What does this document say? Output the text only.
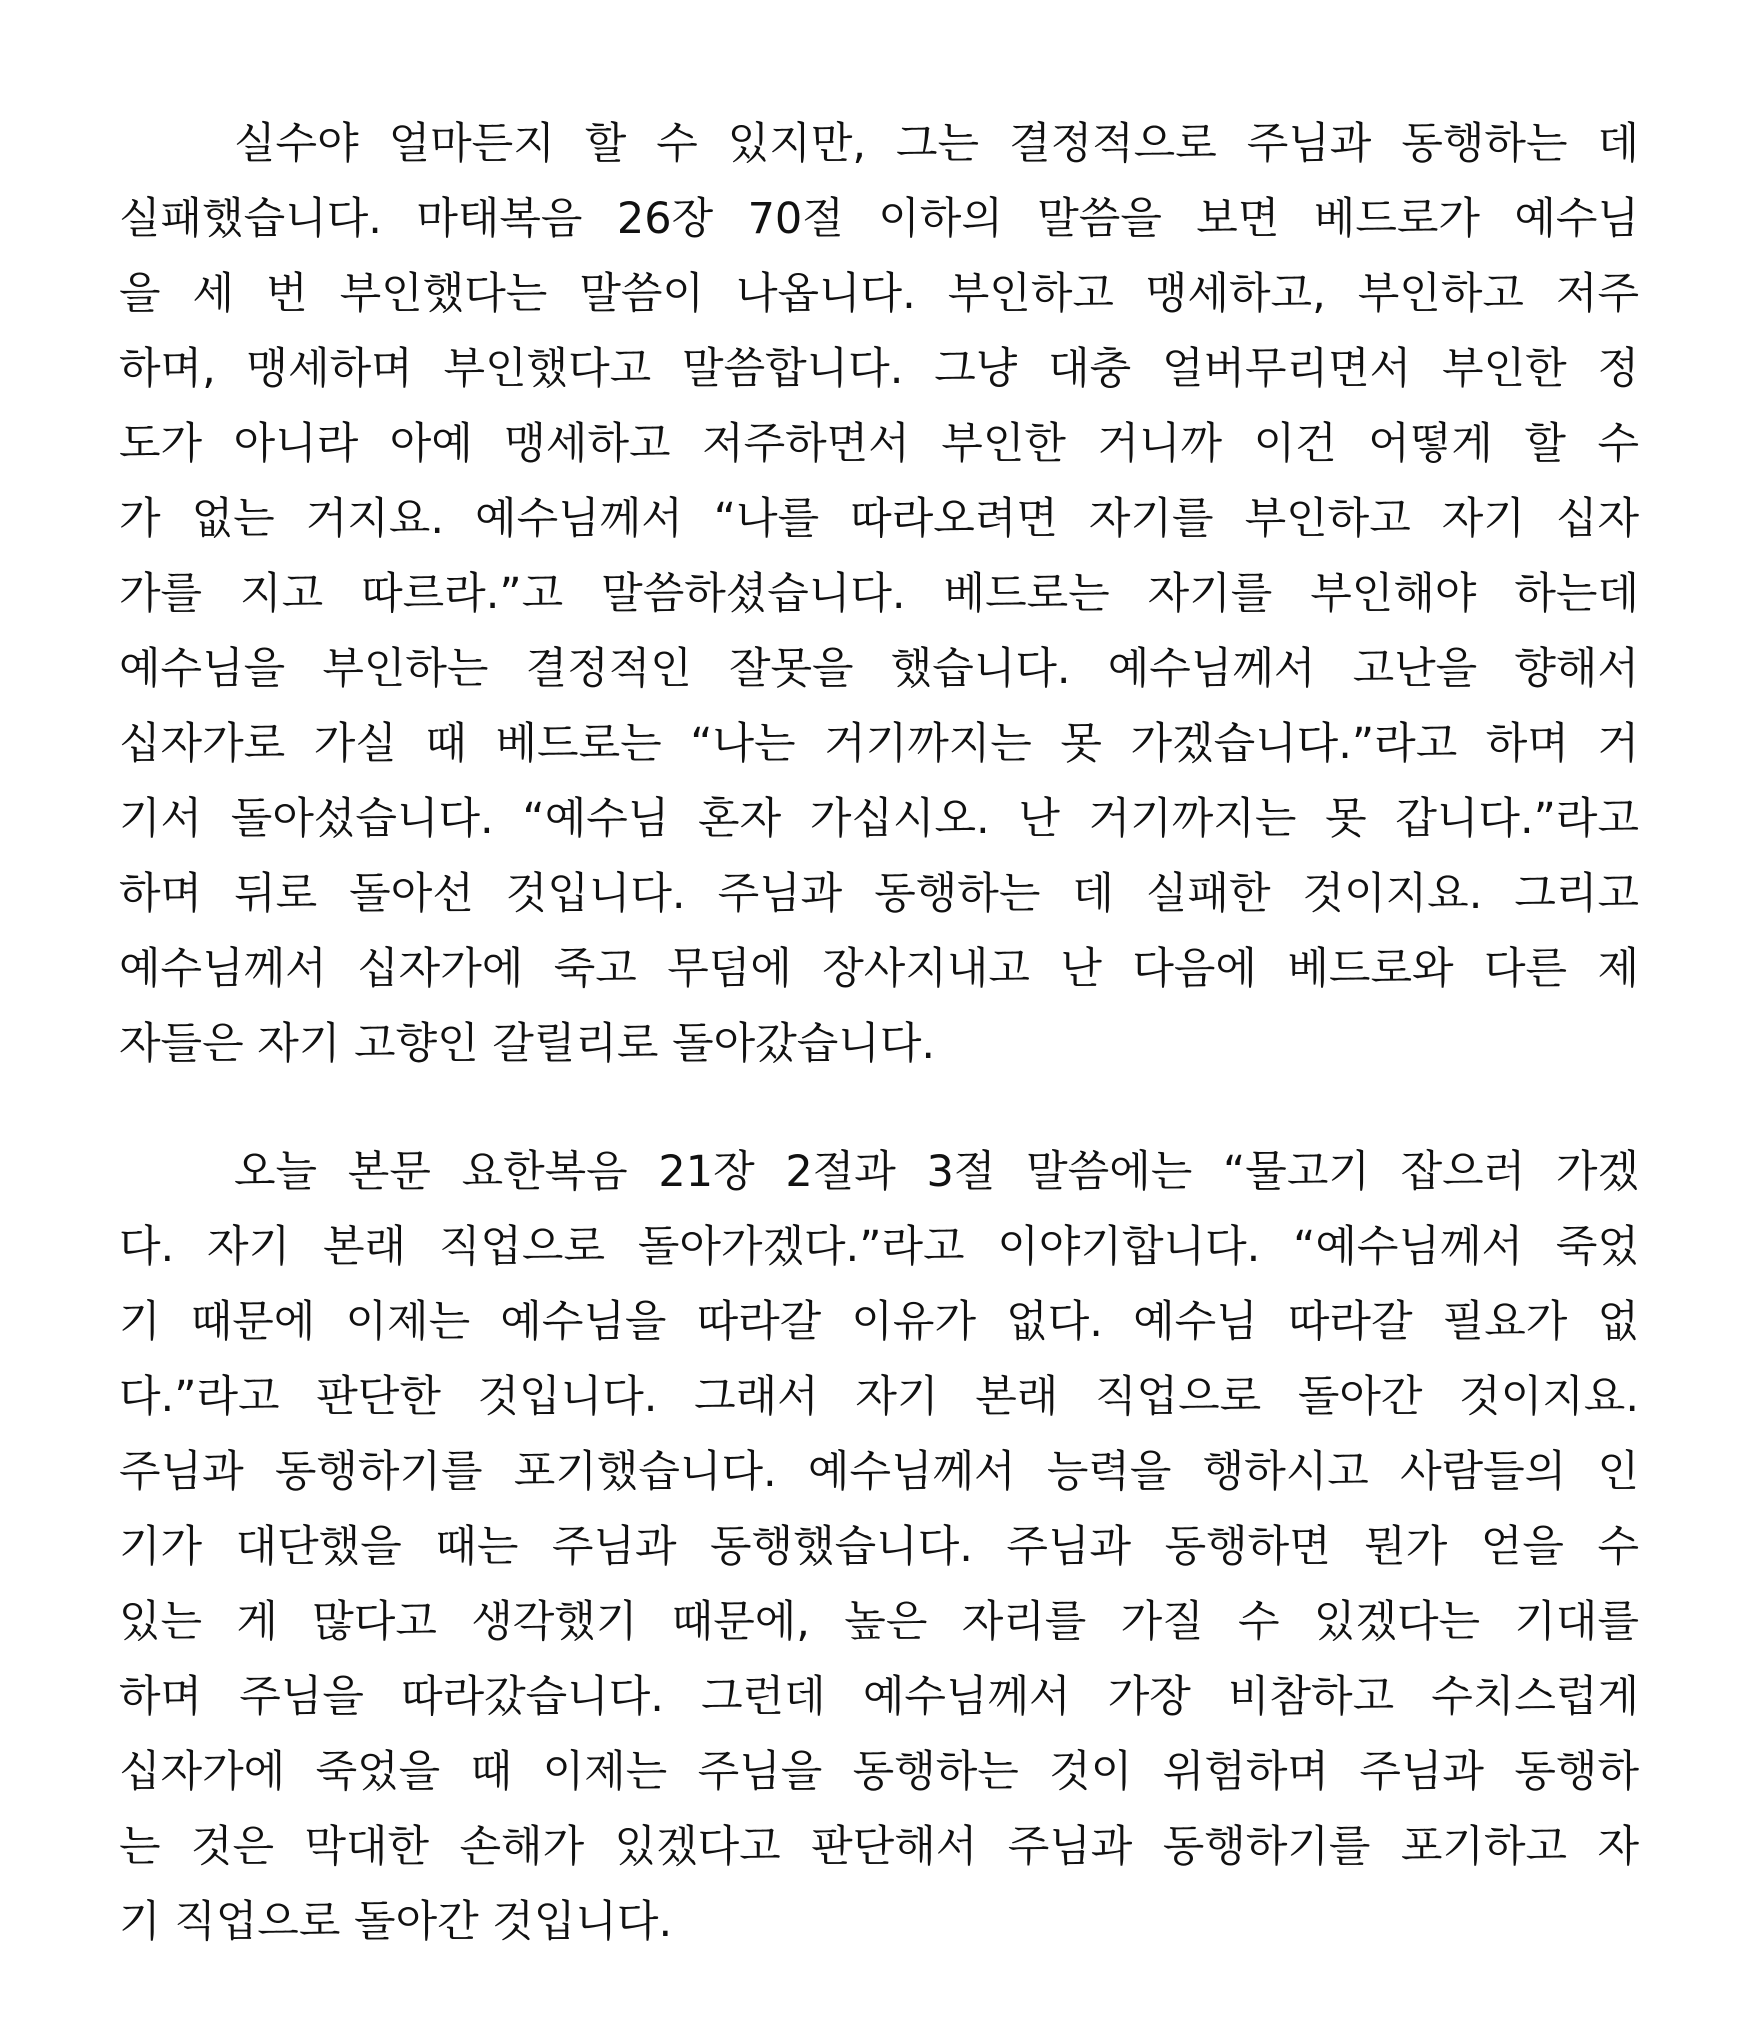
실수야 얼마든지 할 수 있지만, 그는 결정적으로 주님과 동행하는 데
실패했습니다. 마태복음 26장 70절 이하의 말씀을 보면 베드로가 예수님
을 세 번 부인했다는 말씀이 나옵니다. 부인하고 맹세하고, 부인하고 저주
하며, 맹세하며 부인했다고 말씀합니다. 그냥 대충 얼버무리면서 부인한 정
도가 아니라 아예 맹세하고 저주하면서 부인한 거니까 이건 어떻게 할 수
가 없는 거지요. 예수님께서 “나를 따라오려면 자기를 부인하고 자기 십자
가를 지고 따르라.”고 말씀하셨습니다. 베드로는 자기를 부인해야 하는데
예수님을 부인하는 결정적인 잘못을 했습니다. 예수님께서 고난을 향해서
십자가로 가실 때 베드로는 “나는 거기까지는 못 가겠습니다.”라고 하며 거
기서 돌아섰습니다. “예수님 혼자 가십시오. 난 거기까지는 못 갑니다.”라고
하며 뒤로 돌아선 것입니다. 주님과 동행하는 데 실패한 것이지요. 그리고
예수님께서 십자가에 죽고 무덤에 장사지내고 난 다음에 베드로와 다른 제
자들은 자기 고향인 갈릴리로 돌아갔습니다.

오늘 본문 요한복음 21장 2절과 3절 말씀에는 “물고기 잡으러 가겠
다. 자기 본래 직업으로 돌아가겠다.”라고 이야기합니다. “예수님께서 죽었
기 때문에 이제는 예수님을 따라갈 이유가 없다. 예수님 따라갈 필요가 없
다.”라고 판단한 것입니다. 그래서 자기 본래 직업으로 돌아간 것이지요.
주님과 동행하기를 포기했습니다. 예수님께서 능력을 행하시고 사람들의 인
기가 대단했을 때는 주님과 동행했습니다. 주님과 동행하면 뭔가 얻을 수
있는 게 많다고 생각했기 때문에, 높은 자리를 가질 수 있겠다는 기대를
하며 주님을 따라갔습니다. 그런데 예수님께서 가장 비참하고 수치스럽게
십자가에 죽었을 때 이제는 주님을 동행하는 것이 위험하며 주님과 동행하
는 것은 막대한 손해가 있겠다고 판단해서 주님과 동행하기를 포기하고 자
기 직업으로 돌아간 것입니다.
